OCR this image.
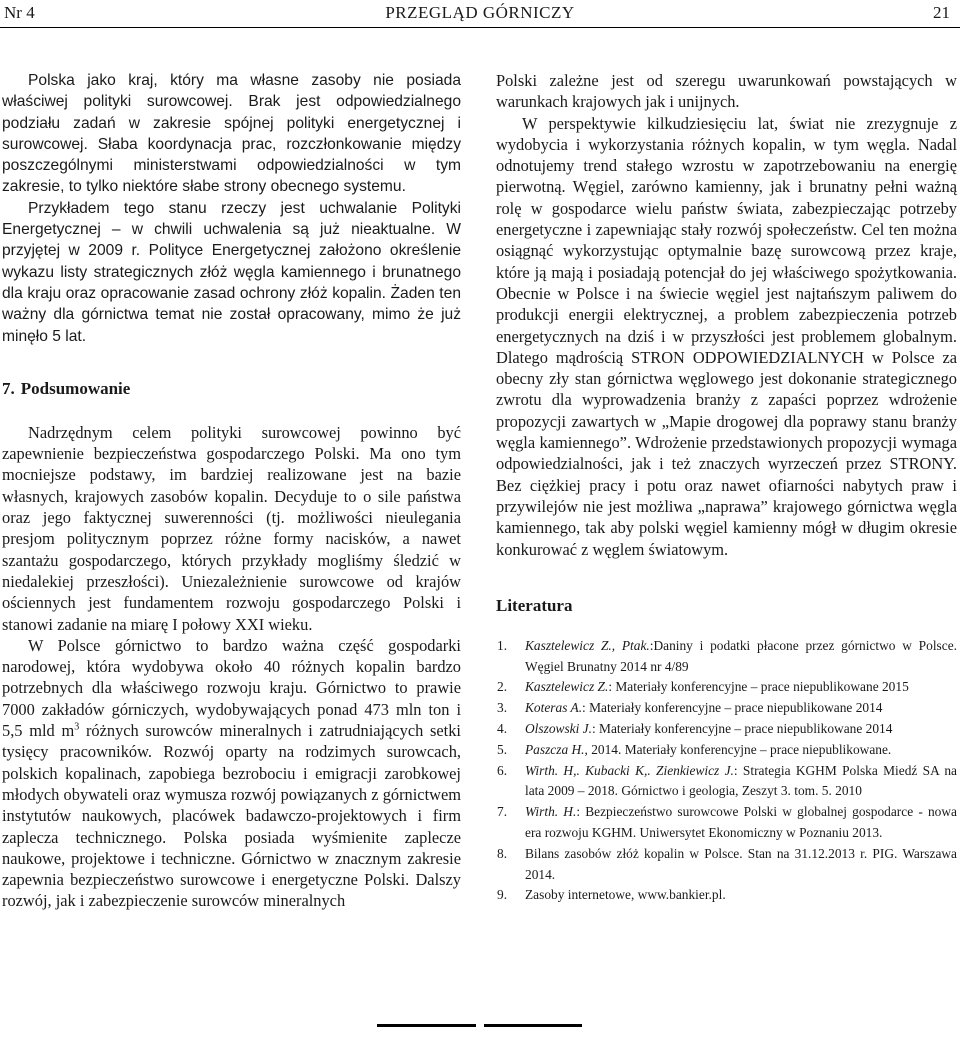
Nr 4	PRZEGLĄD GÓRNICZY	21

Polska jako kraj, który ma własne zasoby nie posiada właściwej polityki surowcowej. Brak jest odpowiedzialnego podziału zadań w zakresie spójnej polityki energetycznej i surowcowej. Słaba koordynacja prac, rozczłonkowanie między poszczególnymi ministerstwami odpowiedzialności w tym zakresie, to tylko niektóre słabe strony obecnego systemu.

Przykładem tego stanu rzeczy jest uchwalanie Polityki Energetycznej – w chwili uchwalenia są już nieaktualne. W przyjętej w 2009 r. Polityce Energetycznej założono określenie wykazu listy strategicznych złóż węgla kamiennego i brunatnego dla kraju oraz opracowanie zasad ochrony złóż kopalin. Żaden ten ważny dla górnictwa temat nie został opracowany, mimo że już minęło 5 lat.

7. Podsumowanie

Nadrzędnym celem polityki surowcowej powinno być zapewnienie bezpieczeństwa gospodarczego Polski. Ma ono tym mocniejsze podstawy, im bardziej realizowane jest na bazie własnych, krajowych zasobów kopalin. Decyduje to o sile państwa oraz jego faktycznej suwerenności (tj. możliwości nieulegania presjom politycznym poprzez różne formy nacisków, a nawet szantażu gospodarczego, których przykłady mogliśmy śledzić w niedalekiej przeszłości). Uniezależnienie surowcowe od krajów ościennych jest fundamentem rozwoju gospodarczego Polski i stanowi zadanie na miarę I połowy XXI wieku.

W Polsce górnictwo to bardzo ważna część gospodarki narodowej, która wydobywa około 40 różnych kopalin bardzo potrzebnych dla właściwego rozwoju kraju. Górnictwo to prawie 7000 zakładów górniczych, wydobywających ponad 473 mln ton i 5,5 mld $m^3$ różnych surowców mineralnych i zatrudniających setki tysięcy pracowników. Rozwój oparty na rodzimych surowcach, polskich kopalinach, zapobiega bezrobociu i emigracji zarobkowej młodych obywateli oraz wymusza rozwój powiązanych z górnictwem instytutów naukowych, placówek badawczo-projektowych i firm zaplecza technicznego. Polska posiada wyśmienite zaplecze naukowe, projektowe i techniczne. Górnictwo w znacznym zakresie zapewnia bezpieczeństwo surowcowe i energetyczne Polski. Dalszy rozwój, jak i zabezpieczenie surowców mineralnych

Polski zależne jest od szeregu uwarunkowań powstających w warunkach krajowych jak i unijnych.

W perspektywie kilkudziesięciu lat, świat nie zrezygnuje z wydobycia i wykorzystania różnych kopalin, w tym węgla. Nadal odnotujemy trend stałego wzrostu w zapotrzebowaniu na energię pierwotną. Węgiel, zarówno kamienny, jak i brunatny pełni ważną rolę w gospodarce wielu państw świata, zabezpieczając potrzeby energetyczne i zapewniając stały rozwój społeczeństw. Cel ten można osiągnąć wykorzystując optymalnie bazę surowcową przez kraje, które ją mają i posiadają potencjał do jej właściwego spożytkowania. Obecnie w Polsce i na świecie węgiel jest najtańszym paliwem do produkcji energii elektrycznej, a problem zabezpieczenia potrzeb energetycznych na dziś i w przyszłości jest problemem globalnym. Dlatego mądrością STRON ODPOWIEDZIALNYCH w Polsce za obecny zły stan górnictwa węglowego jest dokonanie strategicznego zwrotu dla wyprowadzenia branży z zapaści poprzez wdrożenie propozycji zawartych w „Mapie drogowej dla poprawy stanu branży węgla kamiennego”. Wdrożenie przedstawionych propozycji wymaga odpowiedzialności, jak i też znaczych wyrzeczeń przez STRONY. Bez ciężkiej pracy i potu oraz nawet ofiarności nabytych praw i przywilejów nie jest możliwa „naprawa” krajowego górnictwa węgla kamiennego, tak aby polski węgiel kamienny mógł w długim okresie konkurować z węglem światowym.

Literatura

1. Kasztelewicz Z., Ptak.:Daniny i podatki płacone przez górnictwo w Polsce. Węgiel Brunatny 2014 nr 4/89
2. Kasztelewicz Z.: Materiały konferencyjne – prace niepublikowane 2015
3. Koteras A.: Materiały konferencyjne – prace niepublikowane 2014
4. Olszowski J.: Materiały konferencyjne – prace niepublikowane 2014
5. Paszcza H., 2014. Materiały konferencyjne – prace niepublikowane.
6. Wirth. H,. Kubacki K,. Zienkiewicz J.: Strategia KGHM Polska Miedź SA na lata 2009 – 2018. Górnictwo i geologia, Zeszyt 3. tom. 5. 2010
7. Wirth. H.: Bezpieczeństwo surowcowe Polski w globalnej gospodarce - nowa era rozwoju KGHM. Uniwersytet Ekonomiczny w Poznaniu 2013.
8. Bilans zasobów złóż kopalin w Polsce. Stan na 31.12.2013 r. PIG. Warszawa 2014.
9. Zasoby internetowe, www.bankier.pl.
